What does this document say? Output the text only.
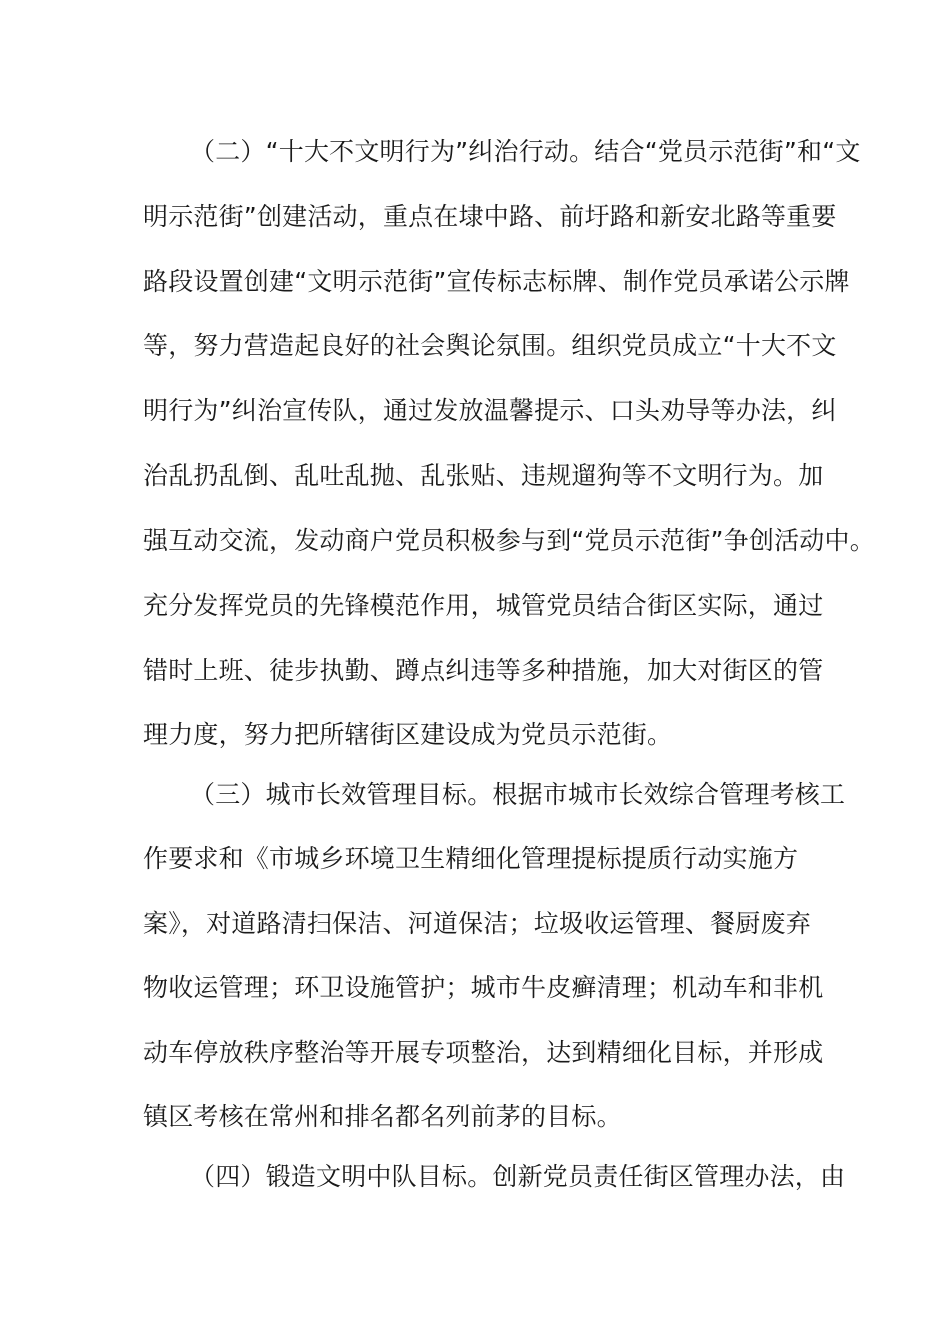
（二）“十大不文明行为”纠治行动。结合“党员示范街”和“文
明示范街”创建活动，重点在埭中路、前圩路和新安北路等重要
路段设置创建“文明示范街”宣传标志标牌、制作党员承诺公示牌
等，努力营造起良好的社会舆论氛围。组织党员成立“十大不文
明行为”纠治宣传队，通过发放温馨提示、口头劝导等办法，纠
治乱扔乱倒、乱吐乱抛、乱张贴、违规遛狗等不文明行为。加
强互动交流，发动商户党员积极参与到“党员示范街”争创活动中。
充分发挥党员的先锋模范作用，城管党员结合街区实际，通过
错时上班、徒步执勤、蹲点纠违等多种措施，加大对街区的管
理力度，努力把所辖街区建设成为党员示范街。
（三）城市长效管理目标。根据市城市长效综合管理考核工
作要求和《市城乡环境卫生精细化管理提标提质行动实施方
案》，对道路清扫保洁、河道保洁；垃圾收运管理、餐厨废弃
物收运管理；环卫设施管护；城市牛皮癣清理；机动车和非机
动车停放秩序整治等开展专项整治，达到精细化目标，并形成
镇区考核在常州和排名都名列前茅的目标。
（四）锻造文明中队目标。创新党员责任街区管理办法，由
